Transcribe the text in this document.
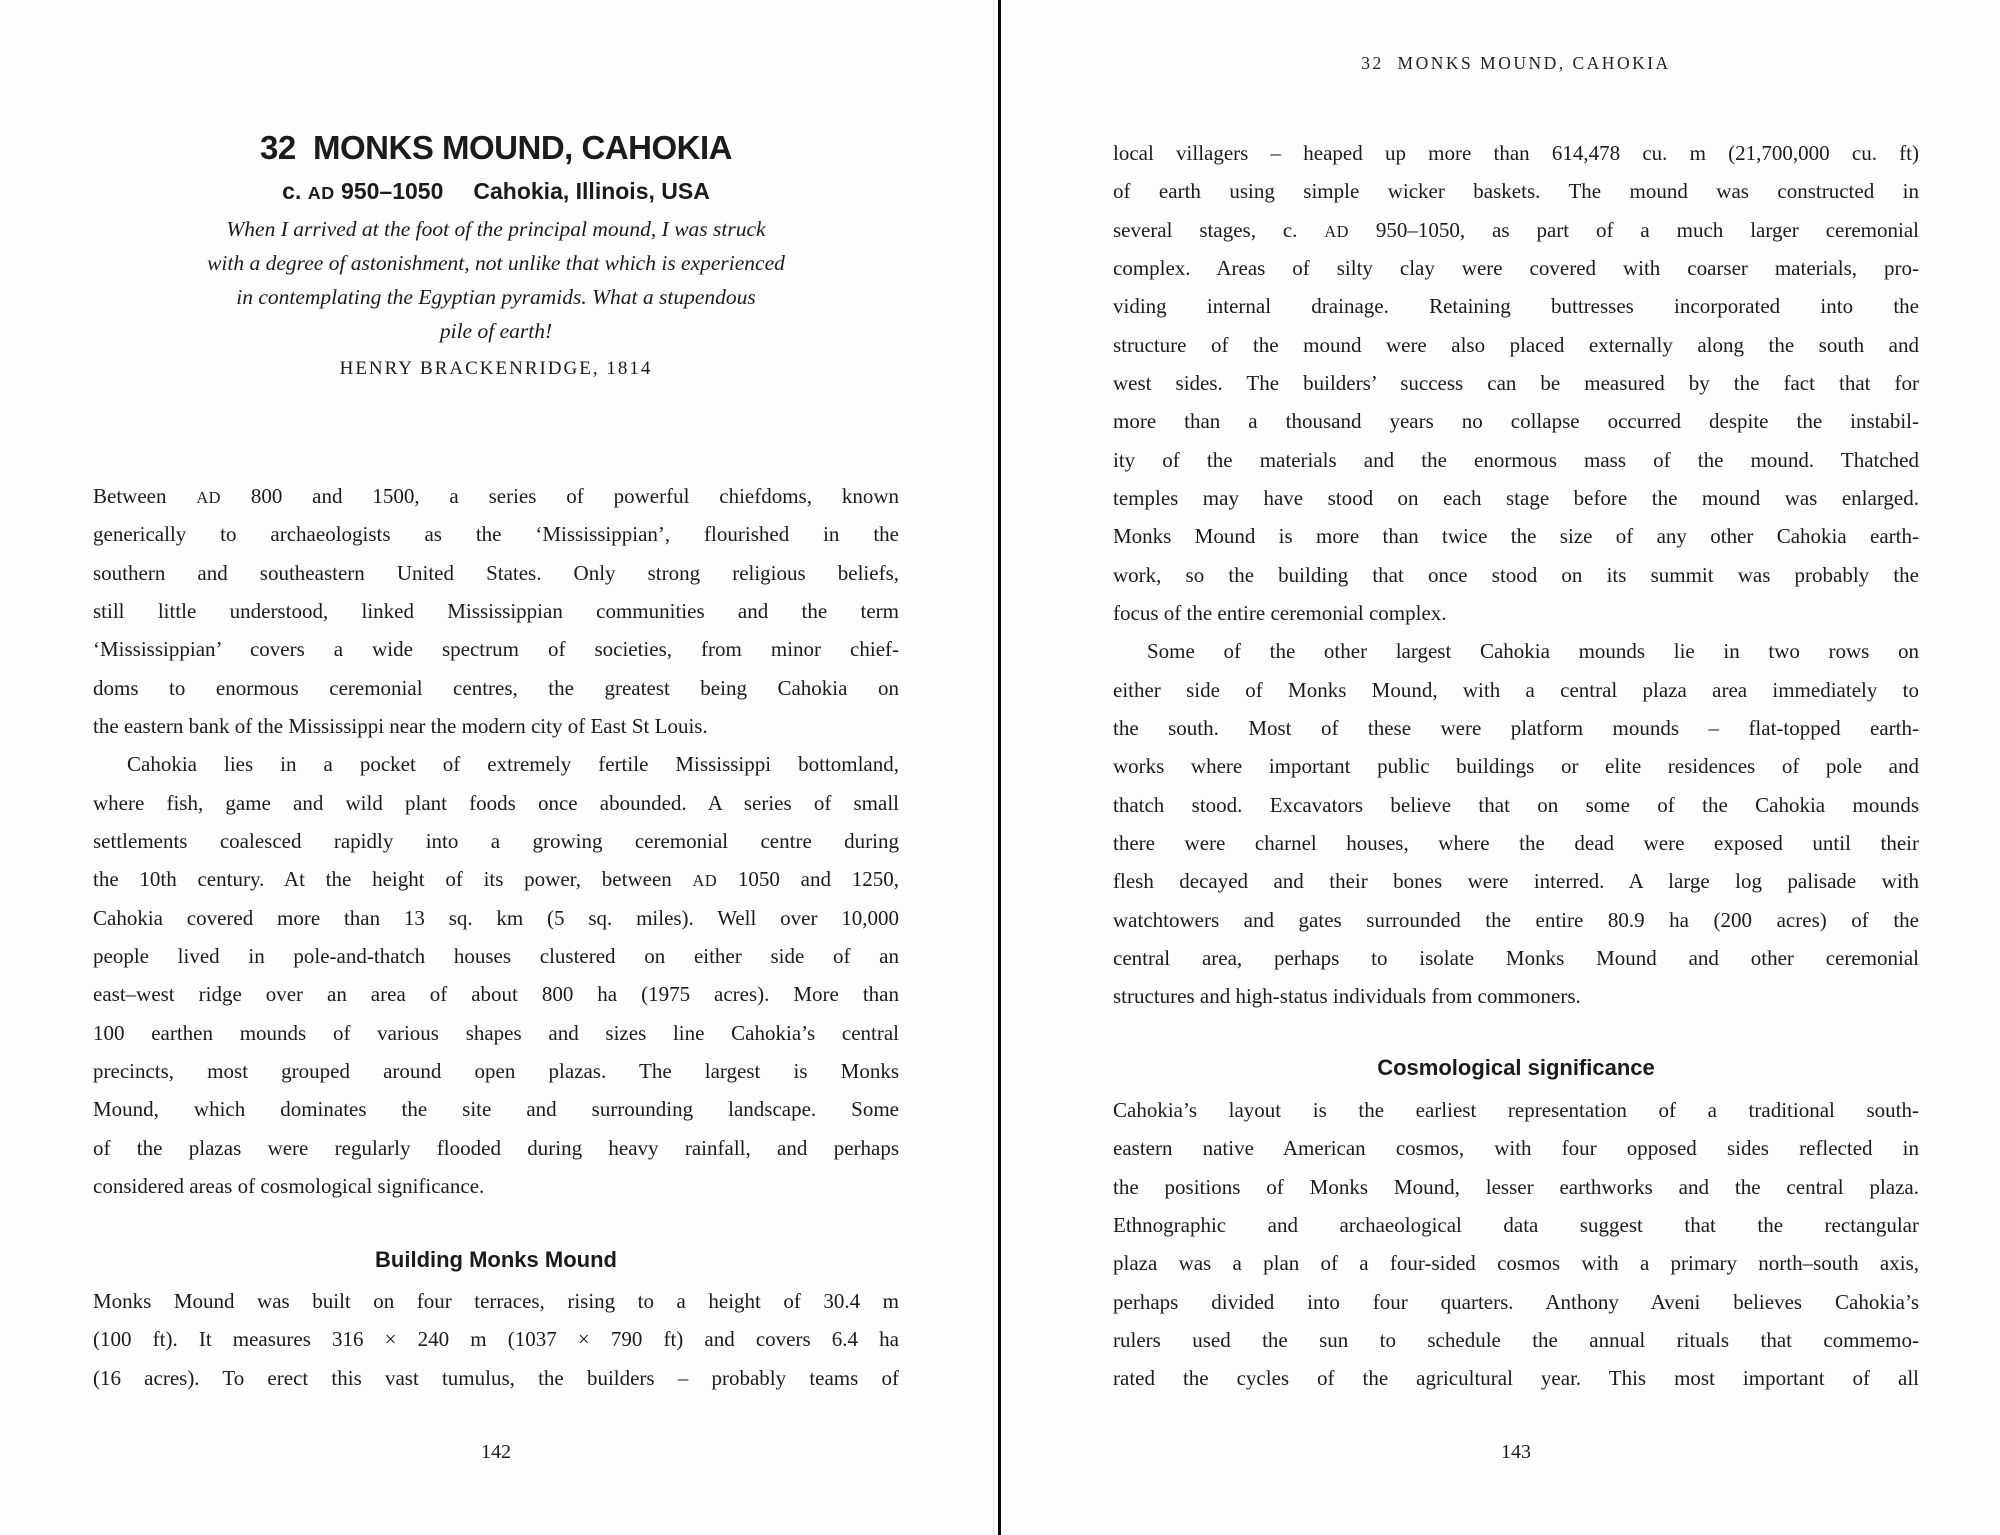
32  MONKS MOUND, CAHOKIA
c. AD 950–1050 Cahokia, Illinois, USA
When I arrived at the foot of the principal mound, I was struck
with a degree of astonishment, not unlike that which is experienced
in contemplating the Egyptian pyramids. What a stupendous
pile of earth!
HENRY BRACKENRIDGE, 1814
Between AD 800 and 1500, a series of powerful chiefdoms, known
generically to archaeologists as the ‘Mississippian’, flourished in the
southern and southeastern United States. Only strong religious beliefs,
still little understood, linked Mississippian communities and the term
‘Mississippian’ covers a wide spectrum of societies, from minor chief-
doms to enormous ceremonial centres, the greatest being Cahokia on
the eastern bank of the Mississippi near the modern city of East St Louis.
Cahokia lies in a pocket of extremely fertile Mississippi bottomland,
where fish, game and wild plant foods once abounded. A series of small
settlements coalesced rapidly into a growing ceremonial centre during
the 10th century. At the height of its power, between AD 1050 and 1250,
Cahokia covered more than 13 sq. km (5 sq. miles). Well over 10,000
people lived in pole-and-thatch houses clustered on either side of an
east–west ridge over an area of about 800 ha (1975 acres). More than
100 earthen mounds of various shapes and sizes line Cahokia’s central
precincts, most grouped around open plazas. The largest is Monks
Mound, which dominates the site and surrounding landscape. Some
of the plazas were regularly flooded during heavy rainfall, and perhaps
considered areas of cosmological significance.
Building Monks Mound
Monks Mound was built on four terraces, rising to a height of 30.4 m
(100 ft). It measures 316 × 240 m (1037 × 790 ft) and covers 6.4 ha
(16 acres). To erect this vast tumulus, the builders – probably teams of
142
32  MONKS MOUND, CAHOKIA
local villagers – heaped up more than 614,478 cu. m (21,700,000 cu. ft)
of earth using simple wicker baskets. The mound was constructed in
several stages, c. AD 950–1050, as part of a much larger ceremonial
complex. Areas of silty clay were covered with coarser materials, pro-
viding internal drainage. Retaining buttresses incorporated into the
structure of the mound were also placed externally along the south and
west sides. The builders’ success can be measured by the fact that for
more than a thousand years no collapse occurred despite the instabil-
ity of the materials and the enormous mass of the mound. Thatched
temples may have stood on each stage before the mound was enlarged.
Monks Mound is more than twice the size of any other Cahokia earth-
work, so the building that once stood on its summit was probably the
focus of the entire ceremonial complex.
Some of the other largest Cahokia mounds lie in two rows on
either side of Monks Mound, with a central plaza area immediately to
the south. Most of these were platform mounds – flat-topped earth-
works where important public buildings or elite residences of pole and
thatch stood. Excavators believe that on some of the Cahokia mounds
there were charnel houses, where the dead were exposed until their
flesh decayed and their bones were interred. A large log palisade with
watchtowers and gates surrounded the entire 80.9 ha (200 acres) of the
central area, perhaps to isolate Monks Mound and other ceremonial
structures and high-status individuals from commoners.
Cosmological significance
Cahokia’s layout is the earliest representation of a traditional south-
eastern native American cosmos, with four opposed sides reflected in
the positions of Monks Mound, lesser earthworks and the central plaza.
Ethnographic and archaeological data suggest that the rectangular
plaza was a plan of a four-sided cosmos with a primary north–south axis,
perhaps divided into four quarters. Anthony Aveni believes Cahokia’s
rulers used the sun to schedule the annual rituals that commemo-
rated the cycles of the agricultural year. This most important of all
143
